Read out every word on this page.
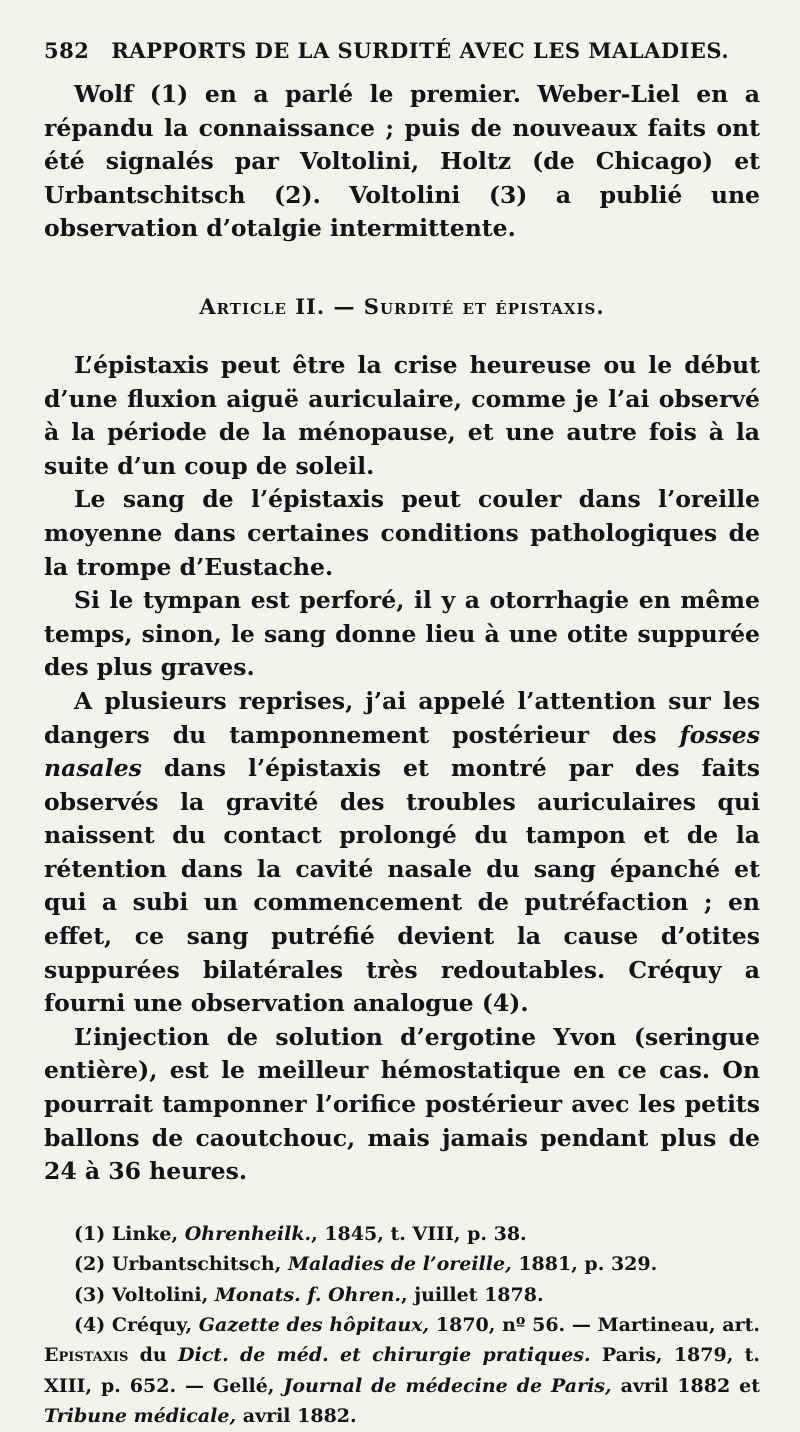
582 RAPPORTS DE LA SURDITÉ AVEC LES MALADIES.

Wolf (1) en a parlé le premier. Weber-Liel en a répandu la connaissance ; puis de nouveaux faits ont été signalés par Voltolini, Holtz (de Chicago) et Urbantschitsch (2). Voltolini (3) a publié une observation d’otalgie intermittente.

Article II. — Surdité et épistaxis.

L’épistaxis peut être la crise heureuse ou le début d’une fluxion aiguë auriculaire, comme je l’ai observé à la période de la ménopause, et une autre fois à la suite d’un coup de soleil.

Le sang de l’épistaxis peut couler dans l’oreille moyenne dans certaines conditions pathologiques de la trompe d’Eustache.

Si le tympan est perforé, il y a otorrhagie en même temps, sinon, le sang donne lieu à une otite suppurée des plus graves.

A plusieurs reprises, j’ai appelé l’attention sur les dangers du tamponnement postérieur des fosses nasales dans l’épistaxis et montré par des faits observés la gravité des troubles auriculaires qui naissent du contact prolongé du tampon et de la rétention dans la cavité nasale du sang épanché et qui a subi un commencement de putréfaction ; en effet, ce sang putréfié devient la cause d’otites suppurées bilatérales très redoutables. Créquy a fourni une observation analogue (4).

L’injection de solution d’ergotine Yvon (seringue entière), est le meilleur hémostatique en ce cas. On pourrait tamponner l’orifice postérieur avec les petits ballons de caoutchouc, mais jamais pendant plus de 24 à 36 heures.

(1) Linke, Ohrenheilk., 1845, t. VIII, p. 38.

(2) Urbantschitsch, Maladies de l’oreille, 1881, p. 329.

(3) Voltolini, Monats. f. Ohren., juillet 1878.

(4) Créquy, Gazette des hôpitaux, 1870, nº 56. — Martineau, art. Epistaxis du Dict. de méd. et chirurgie pratiques. Paris, 1879, t. XIII, p. 652. — Gellé, Journal de médecine de Paris, avril 1882 et Tribune médicale, avril 1882.
